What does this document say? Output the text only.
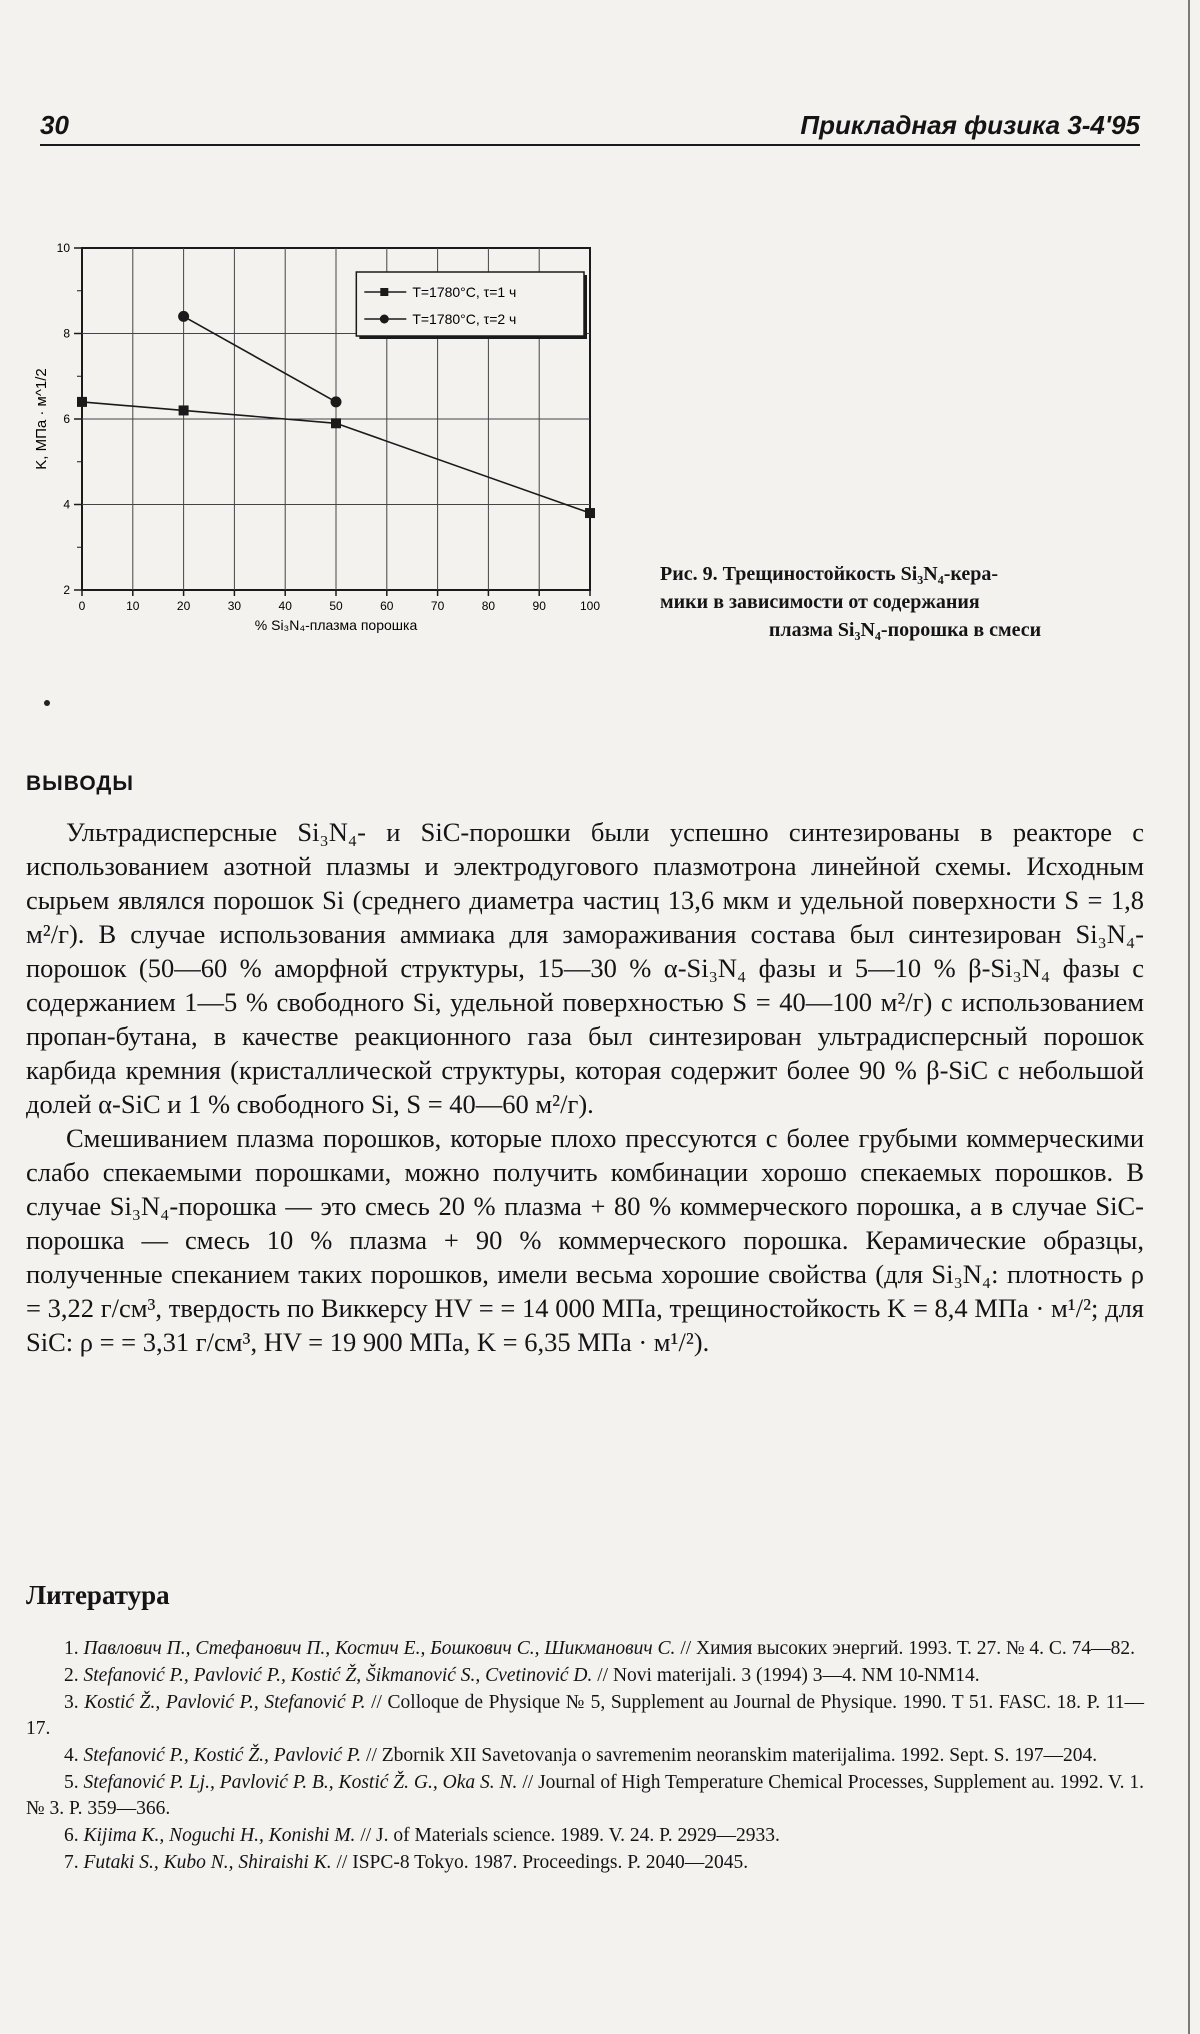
30	Прикладная физика 3-4'95
0	10	20	30	40	50	60	70	80	90	100
2
4
6
8
10
T=1780°C, τ=1 ч
T=1780°C, τ=2 ч
% Si₃N₄-плазма порошка
K, МПа · м^1/2
Рис. 9. Трещиностойкость Si₃N₄-кера-
мики в зависимости от содержания

плазма Si₃N₄-порошка в смеси
ВЫВОДЫ

Ультрадисперсные Si₃N₄- и SiC-порошки были успешно синтезированы в реакторе с использованием азотной плазмы и электродугового плазмотрона линейной схемы. Исходным сырьем являлся порошок Si (среднего диаметра частиц 13,6 мкм и удельной поверхности S = 1,8 м²/г). В случае использования аммиака для замораживания состава был синтезирован Si₃N₄-порошок (50—60 % аморфной структуры, 15—30 % α-Si₃N₄ фазы и 5—10 % β-Si₃N₄ фазы с содержанием 1—5 % свободного Si, удельной поверхностью S = 40—100 м²/г) с использованием пропан-бутана, в качестве реакционного газа был синтезирован ультрадисперсный порошок карбида кремния (кристаллической структуры, которая содержит более 90 % β-SiC с небольшой долей α-SiC и 1 % свободного Si, S = 40—60 м²/г).

Смешиванием плазма порошков, которые плохо прессуются с более грубыми коммерческими слабо спекаемыми порошками, можно получить комбинации хорошо спекаемых порошков. В случае Si₃N₄-порошка — это смесь 20 % плазма + 80 % коммерческого порошка, а в случае SiC-порошка — смесь 10 % плазма + 90 % коммерческого порошка. Керамические образцы, полученные спеканием таких порошков, имели весьма хорошие свойства (для Si₃N₄: плотность ρ = 3,22 г/см³, твердость по Виккерсу HV = = 14 000 МПа, трещиностойкость K = 8,4 МПа · м¹/²; для SiC: ρ = = 3,31 г/см³, HV = 19 900 МПа, K = 6,35 МПа · м¹/²).

Литература

1. Павлович П., Стефанович П., Костич Е., Бошкович С., Шикманович С. // Химия высоких энергий. 1993. Т. 27. № 4. С. 74—82.

2. Stefanović P., Pavlović P., Kostić Ž, Šikmanović S., Cvetinović D. // Novi materijali. 3 (1994) 3—4. NM 10-NM14.

3. Kostić Ž., Pavlović P., Stefanović P. // Colloque de Physique № 5, Supplement au Journal de Physique. 1990. T 51. FASC. 18. P. 11—17.

4. Stefanović P., Kostić Ž., Pavlović P. // Zbornik XII Savetovanja o savremenim neoranskim materijalima. 1992. Sept. S. 197—204.

5. Stefanović P. Lj., Pavlović P. B., Kostić Ž. G., Oka S. N. // Journal of High Temperature Chemical Processes, Supplement au. 1992. V. 1. № 3. P. 359—366.

6. Kijima K., Noguchi H., Konishi M. // J. of Materials science. 1989. V. 24. P. 2929—2933.

7. Futaki S., Kubo N., Shiraishi K. // ISPC-8 Tokyo. 1987. Proceedings. P. 2040—2045.
